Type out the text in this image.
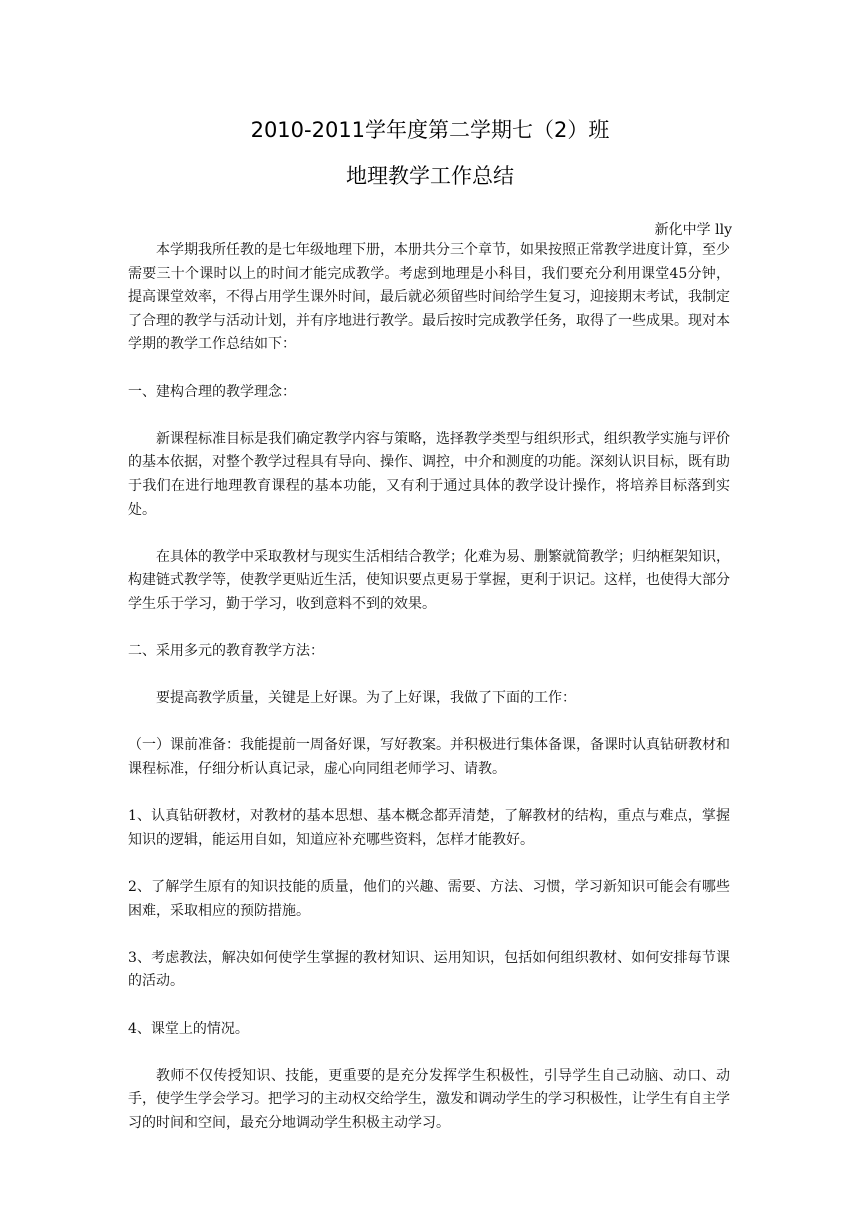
2010-2011学年度第二学期七（2）班
地理教学工作总结

新化中学 lly

本学期我所任教的是七年级地理下册，本册共分三个章节，如果按照正常教学进度计算，至少需要三十个课时以上的时间才能完成教学。考虑到地理是小科目，我们要充分利用课堂45分钟，提高课堂效率，不得占用学生课外时间，最后就必须留些时间给学生复习，迎接期末考试，我制定了合理的教学与活动计划，并有序地进行教学。最后按时完成教学任务，取得了一些成果。现对本学期的教学工作总结如下：

一、建构合理的教学理念：

新课程标准目标是我们确定教学内容与策略，选择教学类型与组织形式，组织教学实施与评价的基本依据，对整个教学过程具有导向、操作、调控，中介和测度的功能。深刻认识目标，既有助于我们在进行地理教育课程的基本功能，又有利于通过具体的教学设计操作，将培养目标落到实处。

在具体的教学中采取教材与现实生活相结合教学；化难为易、删繁就简教学；归纳框架知识，构建链式教学等，使教学更贴近生活，使知识要点更易于掌握，更利于识记。这样，也使得大部分学生乐于学习，勤于学习，收到意料不到的效果。

二、采用多元的教育教学方法：

要提高教学质量，关键是上好课。为了上好课，我做了下面的工作：

（一）课前准备：我能提前一周备好课，写好教案。并积极进行集体备课，备课时认真钻研教材和课程标准，仔细分析认真记录，虚心向同组老师学习、请教。

1、认真钻研教材，对教材的基本思想、基本概念都弄清楚，了解教材的结构，重点与难点，掌握知识的逻辑，能运用自如，知道应补充哪些资料，怎样才能教好。

2、了解学生原有的知识技能的质量，他们的兴趣、需要、方法、习惯，学习新知识可能会有哪些困难，采取相应的预防措施。

3、考虑教法，解决如何使学生掌握的教材知识、运用知识，包括如何组织教材、如何安排每节课的活动。

4、课堂上的情况。

教师不仅传授知识、技能，更重要的是充分发挥学生积极性，引导学生自己动脑、动口、动手，使学生学会学习。把学习的主动权交给学生，激发和调动学生的学习积极性，让学生有自主学习的时间和空间，最充分地调动学生积极主动学习。
